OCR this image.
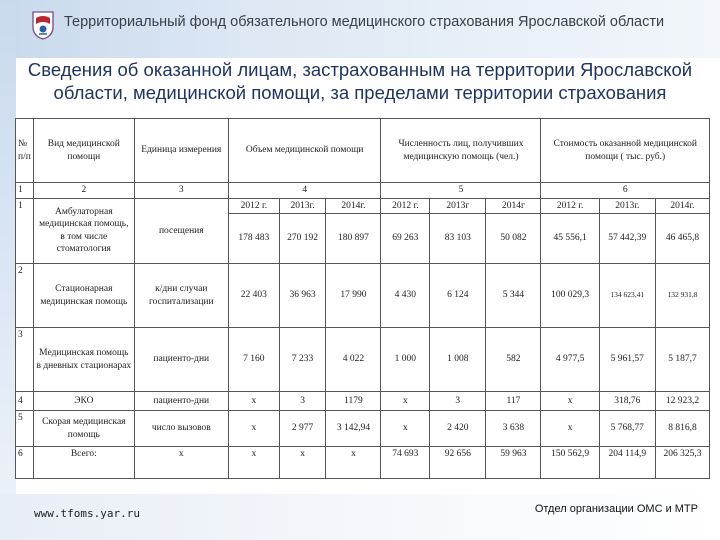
Территориальный фонд обязательного медицинского страхования Ярославской области
Сведения об оказанной лицам, застрахованным на территории Ярославской
области, медицинской помощи, за пределами территории страхования
№ п/п	Вид медицинской помощи	Единица измерения	Объем медицинской помощи			Численность лиц, получивших медицинскую помощь (чел.)			Стоимость оказанной медицинской помощи ( тыс. руб.)		
1	2	3	4			5			6		
1	Амбулаторная медицинская помощь, в том числе стоматология	посещения	2012 г.	2013г.	2014г.	2012 г.	2013г	2014г	2012 г.	2013г.	2014г.
			178 483	270 192	180 897	69 263	83 103	50 082	45 556,1	57 442,39	46 465,8
2	Стационарная медицинская помощь	к/дни случаи госпитализации	22 403	36 963	17 990	4 430	6 124	5 344	100 029,3	134 623,41	132 931,8
3	Медицинская помощь в дневных стационарах	пациенто-дни	7 160	7 233	4 022	1 000	1 008	582	4 977,5	5 961,57	5 187,7
4	ЭКО	пациенто-дни	х	3	1179	х	3	117	х	318,76	12 923,2
5	Скорая медицинская помощь	число вызовов	х	2 977	3 142,94	х	2 420	3 638	х	5 768,77	8 816,8
6	Всего:	х	х	х	х	74 693	92 656	59 963	150 562,9	204 114,9	206 325,3
www.tfoms.yar.ru	Отдел организации ОМС и МТР
